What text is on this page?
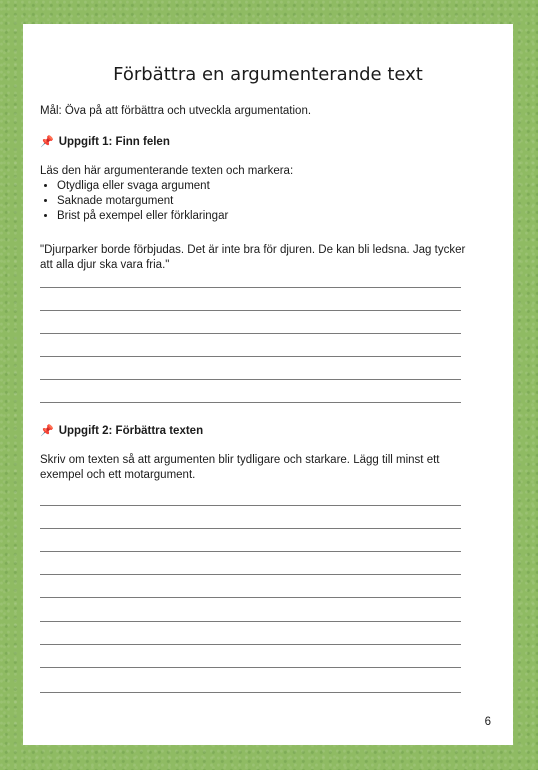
Förbättra en argumenterande text

Mål: Öva på att förbättra och utveckla argumentation.

📌 Uppgift 1: Finn felen

Läs den här argumenterande texten och markera:

• Otydliga eller svaga argument
• Saknade motargument
• Brist på exempel eller förklaringar

"Djurparker borde förbjudas. Det är inte bra för djuren. De kan bli ledsna. Jag tycker att alla djur ska vara fria."

📌 Uppgift 2: Förbättra texten

Skriv om texten så att argumenten blir tydligare och starkare. Lägg till minst ett exempel och ett motargument.

6
